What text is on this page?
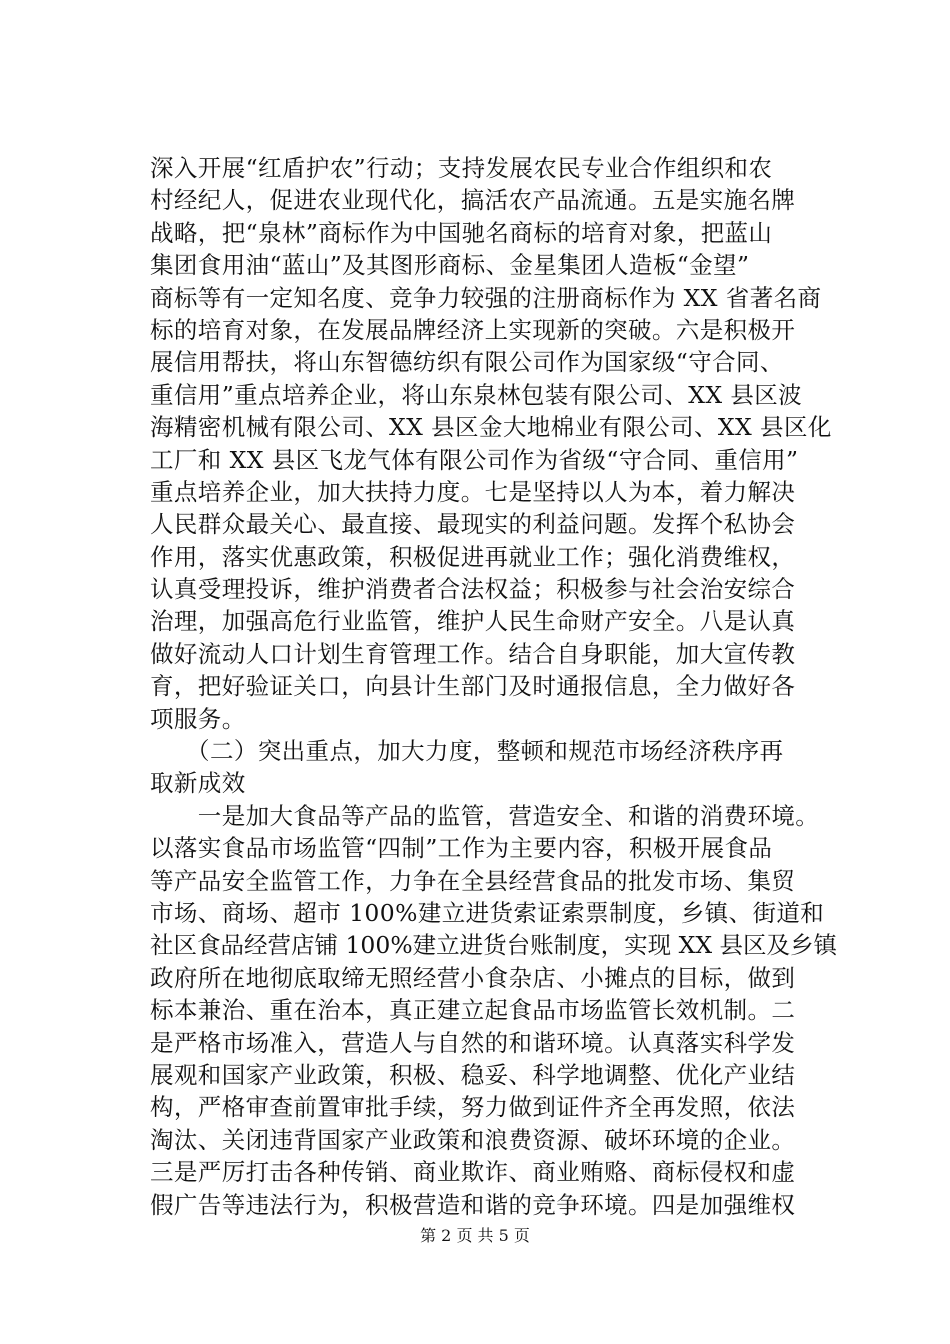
深入开展“红盾护农”行动；支持发展农民专业合作组织和农
村经纪人，促进农业现代化，搞活农产品流通。五是实施名牌
战略，把“泉林”商标作为中国驰名商标的培育对象，把蓝山
集团食用油“蓝山”及其图形商标、金星集团人造板“金望”
商标等有一定知名度、竞争力较强的注册商标作为 XX 省著名商
标的培育对象，在发展品牌经济上实现新的突破。六是积极开
展信用帮扶，将山东智德纺织有限公司作为国家级“守合同、
重信用”重点培养企业，将山东泉林包装有限公司、XX 县区波
海精密机械有限公司、XX 县区金大地棉业有限公司、XX 县区化
工厂和 XX 县区飞龙气体有限公司作为省级“守合同、重信用”
重点培养企业，加大扶持力度。七是坚持以人为本，着力解决
人民群众最关心、最直接、最现实的利益问题。发挥个私协会
作用，落实优惠政策，积极促进再就业工作；强化消费维权，
认真受理投诉，维护消费者合法权益；积极参与社会治安综合
治理，加强高危行业监管，维护人民生命财产安全。八是认真
做好流动人口计划生育管理工作。结合自身职能，加大宣传教
育，把好验证关口，向县计生部门及时通报信息，全力做好各
项服务。
　　（二）突出重点，加大力度，整顿和规范市场经济秩序再
取新成效
　　一是加大食品等产品的监管，营造安全、和谐的消费环境。
以落实食品市场监管“四制”工作为主要内容，积极开展食品
等产品安全监管工作，力争在全县经营食品的批发市场、集贸
市场、商场、超市 100%建立进货索证索票制度，乡镇、街道和
社区食品经营店铺 100%建立进货台账制度，实现 XX 县区及乡镇
政府所在地彻底取缔无照经营小食杂店、小摊点的目标，做到
标本兼治、重在治本，真正建立起食品市场监管长效机制。二
是严格市场准入，营造人与自然的和谐环境。认真落实科学发
展观和国家产业政策，积极、稳妥、科学地调整、优化产业结
构，严格审查前置审批手续，努力做到证件齐全再发照，依法
淘汰、关闭违背国家产业政策和浪费资源、破坏环境的企业。
三是严厉打击各种传销、商业欺诈、商业贿赂、商标侵权和虚
假广告等违法行为，积极营造和谐的竞争环境。四是加强维权
第 2 页 共 5 页
